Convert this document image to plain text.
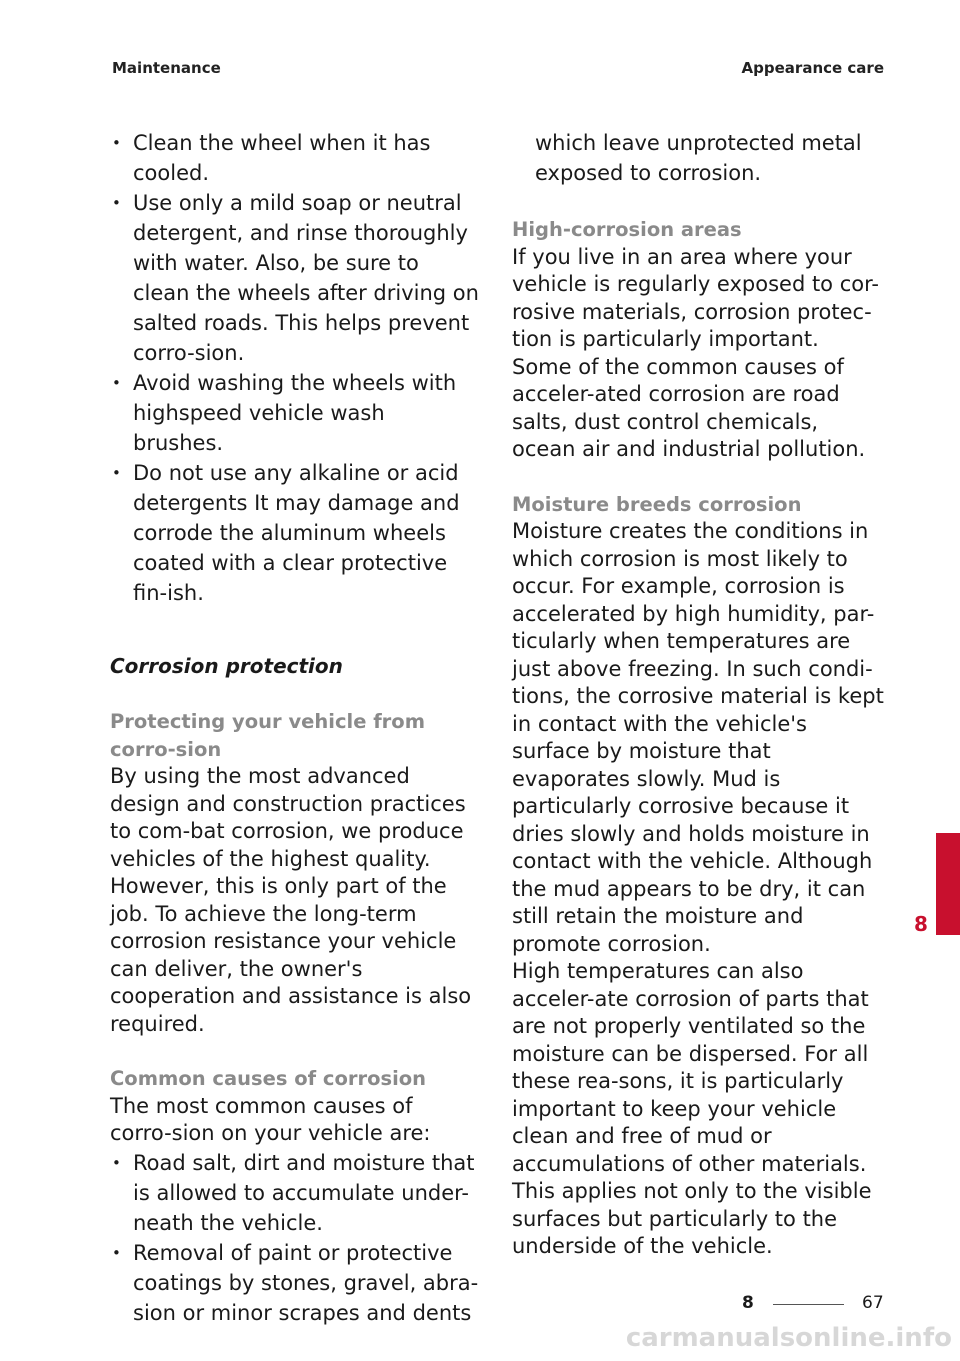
Maintenance	Appearance care
• Clean the wheel when it has cooled.
• Use only a mild soap or neutral detergent, and rinse thoroughly with water. Also, be sure to clean the wheels after driving on salted roads. This helps prevent corro-sion.
• Avoid washing the wheels with highspeed vehicle wash brushes.
• Do not use any alkaline or acid detergents It may damage and corrode the aluminum wheels coated with a clear protective fin-ish.

Corrosion protection

Protecting your vehicle from corro-sion

By using the most advanced design and construction practices to com-bat corrosion, we produce vehicles of the highest quality. However, this is only part of the job. To achieve the long-term corrosion resistance your vehicle can deliver, the owner's cooperation and assistance is also required.

Common causes of corrosion

The most common causes of corro-sion on your vehicle are:

• Road salt, dirt and moisture that is allowed to accumulate under-neath the vehicle.
• Removal of paint or protective coatings by stones, gravel, abra-sion or minor scrapes and dents

which leave unprotected metal exposed to corrosion.

High-corrosion areas

If you live in an area where your vehicle is regularly exposed to cor-rosive materials, corrosion protec-tion is particularly important. Some of the common causes of acceler-ated corrosion are road salts, dust control chemicals, ocean air and industrial pollution.

Moisture breeds corrosion

Moisture creates the conditions in which corrosion is most likely to occur. For example, corrosion is accelerated by high humidity, par-ticularly when temperatures are just above freezing. In such condi-tions, the corrosive material is kept in contact with the vehicle's surface by moisture that evaporates slowly. Mud is particularly corrosive because it dries slowly and holds moisture in contact with the vehicle. Although the mud appears to be dry, it can still retain the moisture and promote corrosion.

High temperatures can also acceler-ate corrosion of parts that are not properly ventilated so the moisture can be dispersed. For all these rea-sons, it is particularly important to keep your vehicle clean and free of mud or accumulations of other materials. This applies not only to the visible surfaces but particularly to the underside of the vehicle.

8
8	67
carmanualsonline.info
